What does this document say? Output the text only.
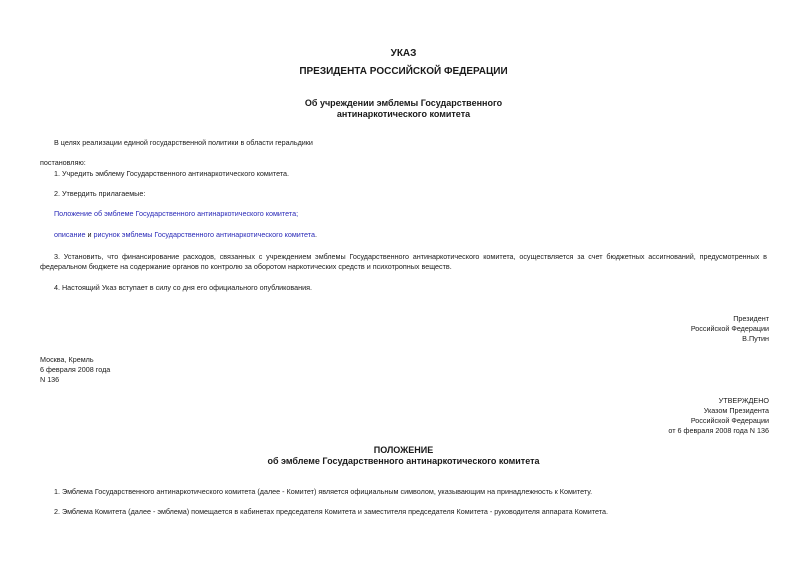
УКАЗ
ПРЕЗИДЕНТА РОССИЙСКОЙ ФЕДЕРАЦИИ
Об учреждении эмблемы Государственного
антинаркотического комитета
В целях реализации единой государственной политики в области геральдики
постановляю:
1. Учредить эмблему Государственного антинаркотического комитета.
2. Утвердить прилагаемые:
Положение об эмблеме Государственного антинаркотического комитета;
описание и рисунок эмблемы Государственного антинаркотического комитета.
3. Установить, что финансирование расходов, связанных с учреждением эмблемы Государственного антинаркотического комитета, осуществляется за счет бюджетных ассигнований, предусмотренных в федеральном бюджете на содержание органов по контролю за оборотом наркотических средств и психотропных веществ.
4. Настоящий Указ вступает в силу со дня его официального опубликования.
Президент
Российской Федерации
В.Путин
Москва, Кремль
6 февраля 2008 года
N 136
УТВЕРЖДЕНО
Указом Президента
Российской Федерации
от 6 февраля 2008 года N 136
ПОЛОЖЕНИЕ
об эмблеме Государственного антинаркотического комитета
1. Эмблема Государственного антинаркотического комитета (далее - Комитет) является официальным символом, указывающим на принадлежность к Комитету.
2. Эмблема Комитета (далее - эмблема) помещается в кабинетах председателя Комитета и заместителя председателя Комитета - руководителя аппарата Комитета.
